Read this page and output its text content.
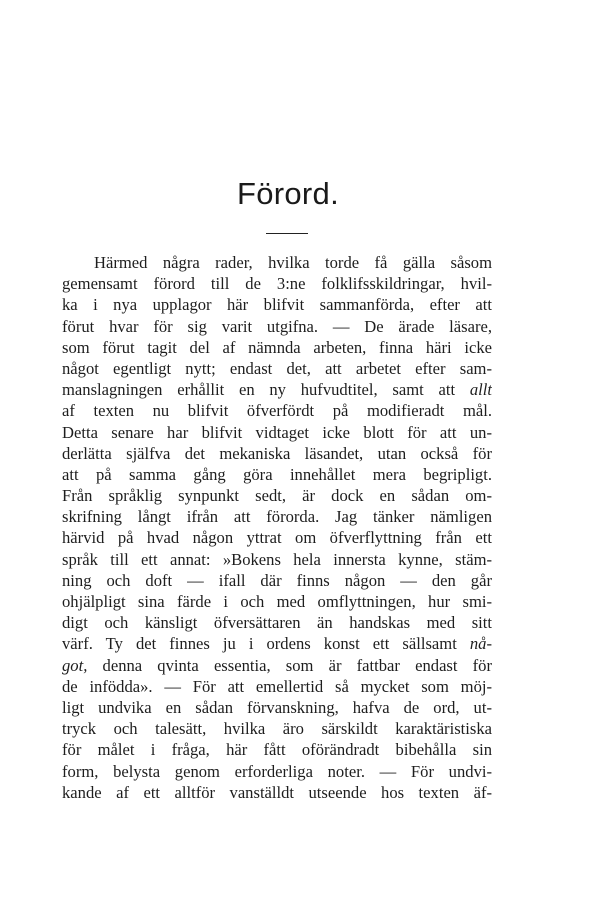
Förord.
Härmed några rader, hvilka torde få gälla såsom
gemensamt förord till de 3:ne folklifsskildringar, hvil-
ka i nya upplagor här blifvit sammanförda, efter att
förut hvar för sig varit utgifna. — De ärade läsare,
som förut tagit del af nämnda arbeten, finna häri icke
något egentligt nytt; endast det, att arbetet efter sam-
manslagningen erhållit en ny hufvudtitel, samt att allt
af texten nu blifvit öfverfördt på modifieradt mål.
Detta senare har blifvit vidtaget icke blott för att un-
derlätta själfva det mekaniska läsandet, utan också för
att på samma gång göra innehållet mera begripligt.
Från språklig synpunkt sedt, är dock en sådan om-
skrifning långt ifrån att förorda. Jag tänker nämligen
härvid på hvad någon yttrat om öfverflyttning från ett
språk till ett annat: »Bokens hela innersta kynne, stäm-
ning och doft — ifall där finns någon — den går
ohjälpligt sina färde i och med omflyttningen, hur smi-
digt och känsligt öfversättaren än handskas med sitt
värf. Ty det finnes ju i ordens konst ett sällsamt nå-
got, denna qvinta essentia, som är fattbar endast för
de infödda». — För att emellertid så mycket som möj-
ligt undvika en sådan förvanskning, hafva de ord, ut-
tryck och talesätt, hvilka äro särskildt karaktäristiska
för målet i fråga, här fått oförändradt bibehålla sin
form, belysta genom erforderliga noter. — För undvi-
kande af ett alltför vanställdt utseende hos texten äf-
